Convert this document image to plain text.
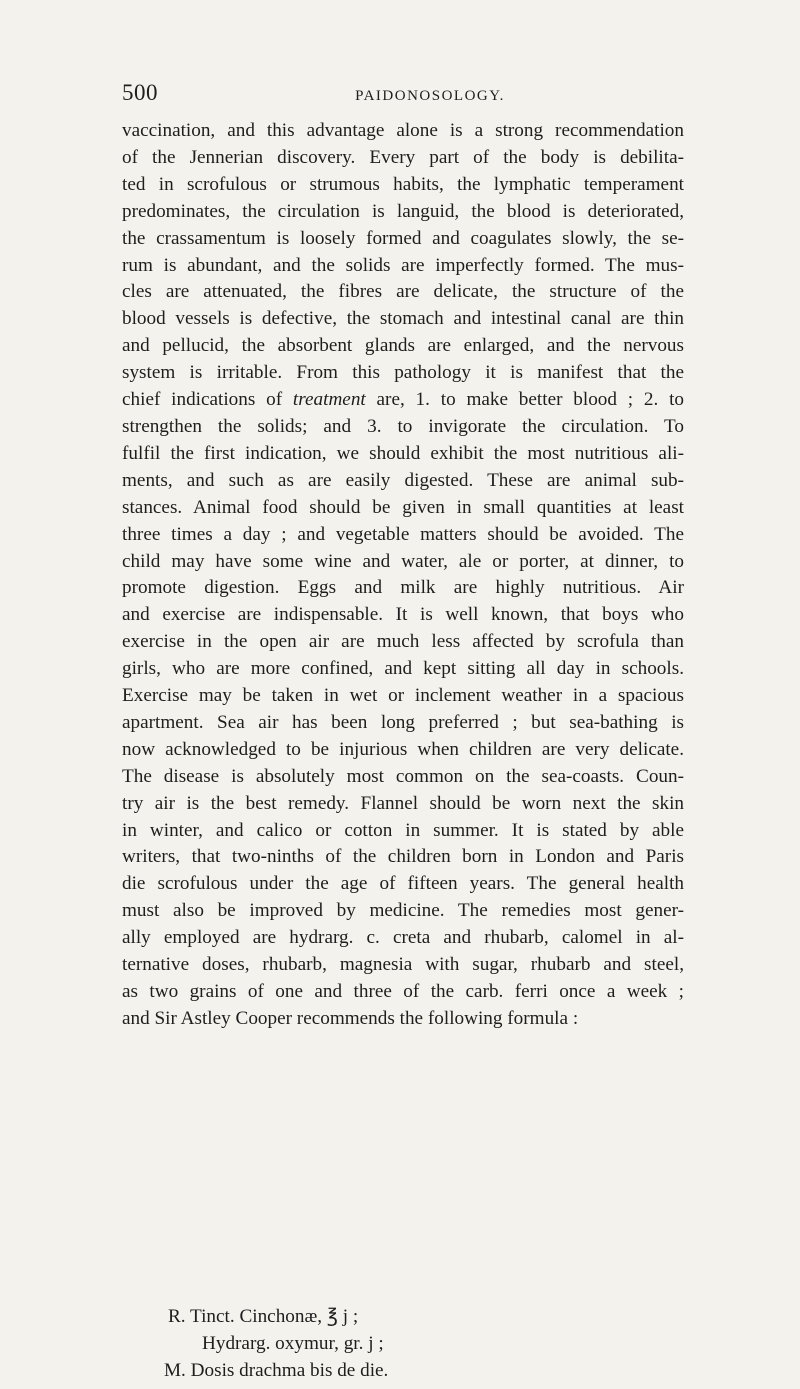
500	PAIDONOSOLOGY.
vaccination, and this advantage alone is a strong recommendation
of the Jennerian discovery. Every part of the body is debilita-
ted in scrofulous or strumous habits, the lymphatic temperament
predominates, the circulation is languid, the blood is deteriorated,
the crassamentum is loosely formed and coagulates slowly, the se-
rum is abundant, and the solids are imperfectly formed. The mus-
cles are attenuated, the fibres are delicate, the structure of the
blood vessels is defective, the stomach and intestinal canal are thin
and pellucid, the absorbent glands are enlarged, and the nervous
system is irritable. From this pathology it is manifest that the
chief indications of treatment are, 1. to make better blood ; 2. to
strengthen the solids; and 3. to invigorate the circulation. To
fulfil the first indication, we should exhibit the most nutritious ali-
ments, and such as are easily digested. These are animal sub-
stances. Animal food should be given in small quantities at least
three times a day ; and vegetable matters should be avoided. The
child may have some wine and water, ale or porter, at dinner, to
promote digestion. Eggs and milk are highly nutritious. Air
and exercise are indispensable. It is well known, that boys who
exercise in the open air are much less affected by scrofula than
girls, who are more confined, and kept sitting all day in schools.
Exercise may be taken in wet or inclement weather in a spacious
apartment. Sea air has been long preferred ; but sea-bathing is
now acknowledged to be injurious when children are very delicate.
The disease is absolutely most common on the sea-coasts. Coun-
try air is the best remedy. Flannel should be worn next the skin
in winter, and calico or cotton in summer. It is stated by able
writers, that two-ninths of the children born in London and Paris
die scrofulous under the age of fifteen years. The general health
must also be improved by medicine. The remedies most gener-
ally employed are hydrarg. c. creta and rhubarb, calomel in al-
ternative doses, rhubarb, magnesia with sugar, rhubarb and steel,
as two grains of one and three of the carb. ferri once a week ;
and Sir Astley Cooper recommends the following formula :
R. Tinct. Cinchonæ, ℥ j ;
Hydrarg. oxymur, gr. j ;
M. Dosis drachma bis de die.
